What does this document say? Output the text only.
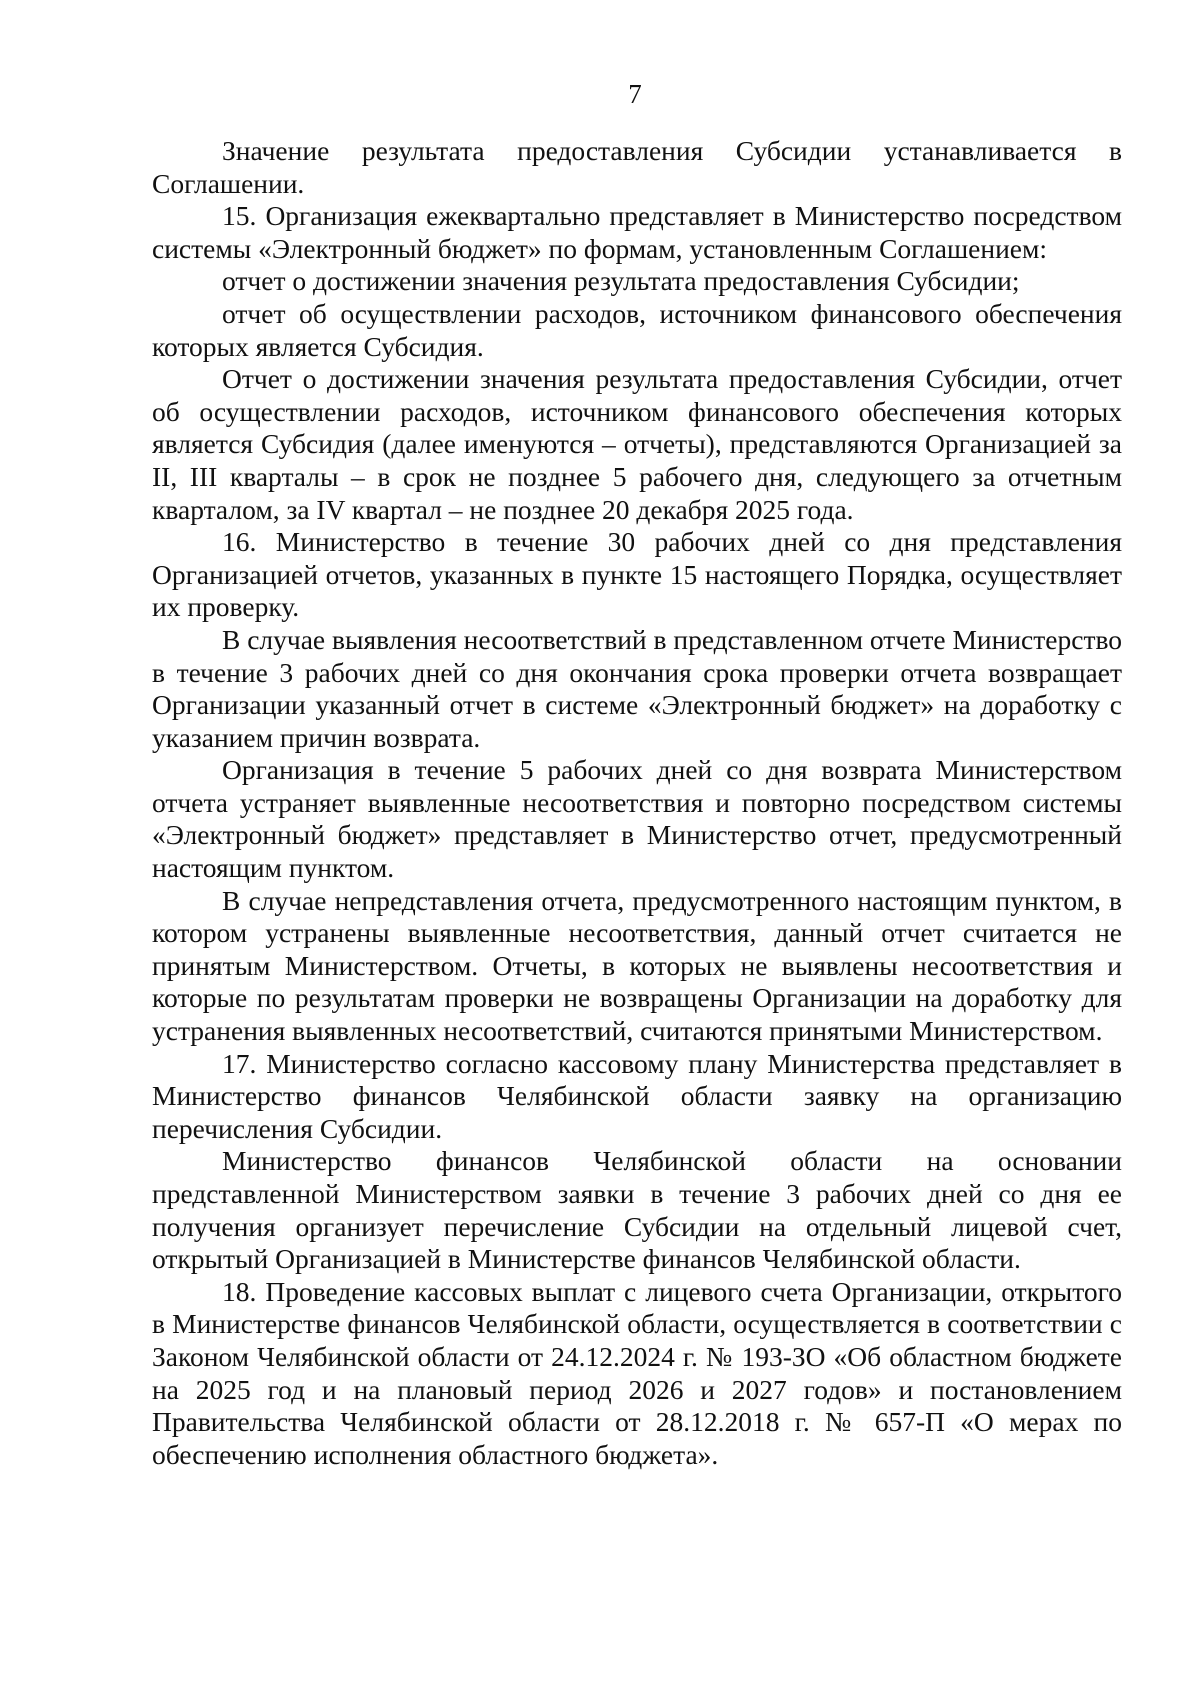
7

Значение результата предоставления Субсидии устанавливается в Соглашении.

15. Организация ежеквартально представляет в Министерство посредством системы «Электронный бюджет» по формам, установленным Соглашением:

отчет о достижении значения результата предоставления Субсидии;

отчет об осуществлении расходов, источником финансового обеспечения которых является Субсидия.

Отчет о достижении значения результата предоставления Субсидии, отчет об осуществлении расходов, источником финансового обеспечения которых является Субсидия (далее именуются – отчеты), представляются Организацией за II, III кварталы – в срок не позднее 5 рабочего дня, следующего за отчетным кварталом, за IV квартал – не позднее 20 декабря 2025 года.

16. Министерство в течение 30 рабочих дней со дня представления Организацией отчетов, указанных в пункте 15 настоящего Порядка, осуществляет их проверку.

В случае выявления несоответствий в представленном отчете Министерство в течение 3 рабочих дней со дня окончания срока проверки отчета возвращает Организации указанный отчет в системе «Электронный бюджет» на доработку с указанием причин возврата.

Организация в течение 5 рабочих дней со дня возврата Министерством отчета устраняет выявленные несоответствия и повторно посредством системы «Электронный бюджет» представляет в Министерство отчет, предусмотренный настоящим пунктом.

В случае непредставления отчета, предусмотренного настоящим пунктом, в котором устранены выявленные несоответствия, данный отчет считается не принятым Министерством. Отчеты, в которых не выявлены несоответствия и которые по результатам проверки не возвращены Организации на доработку для устранения выявленных несоответствий, считаются принятыми Министерством.

17. Министерство согласно кассовому плану Министерства представляет в Министерство финансов Челябинской области заявку на организацию перечисления Субсидии.

Министерство финансов Челябинской области на основании представленной Министерством заявки в течение 3 рабочих дней со дня ее получения организует перечисление Субсидии на отдельный лицевой счет, открытый Организацией в Министерстве финансов Челябинской области.

18. Проведение кассовых выплат с лицевого счета Организации, открытого в Министерстве финансов Челябинской области, осуществляется в соответствии с Законом Челябинской области от 24.12.2024 г. № 193-ЗО «Об областном бюджете на 2025 год и на плановый период 2026 и 2027 годов» и постановлением Правительства Челябинской области от 28.12.2018 г. № 657-П «О мерах по обеспечению исполнения областного бюджета».
